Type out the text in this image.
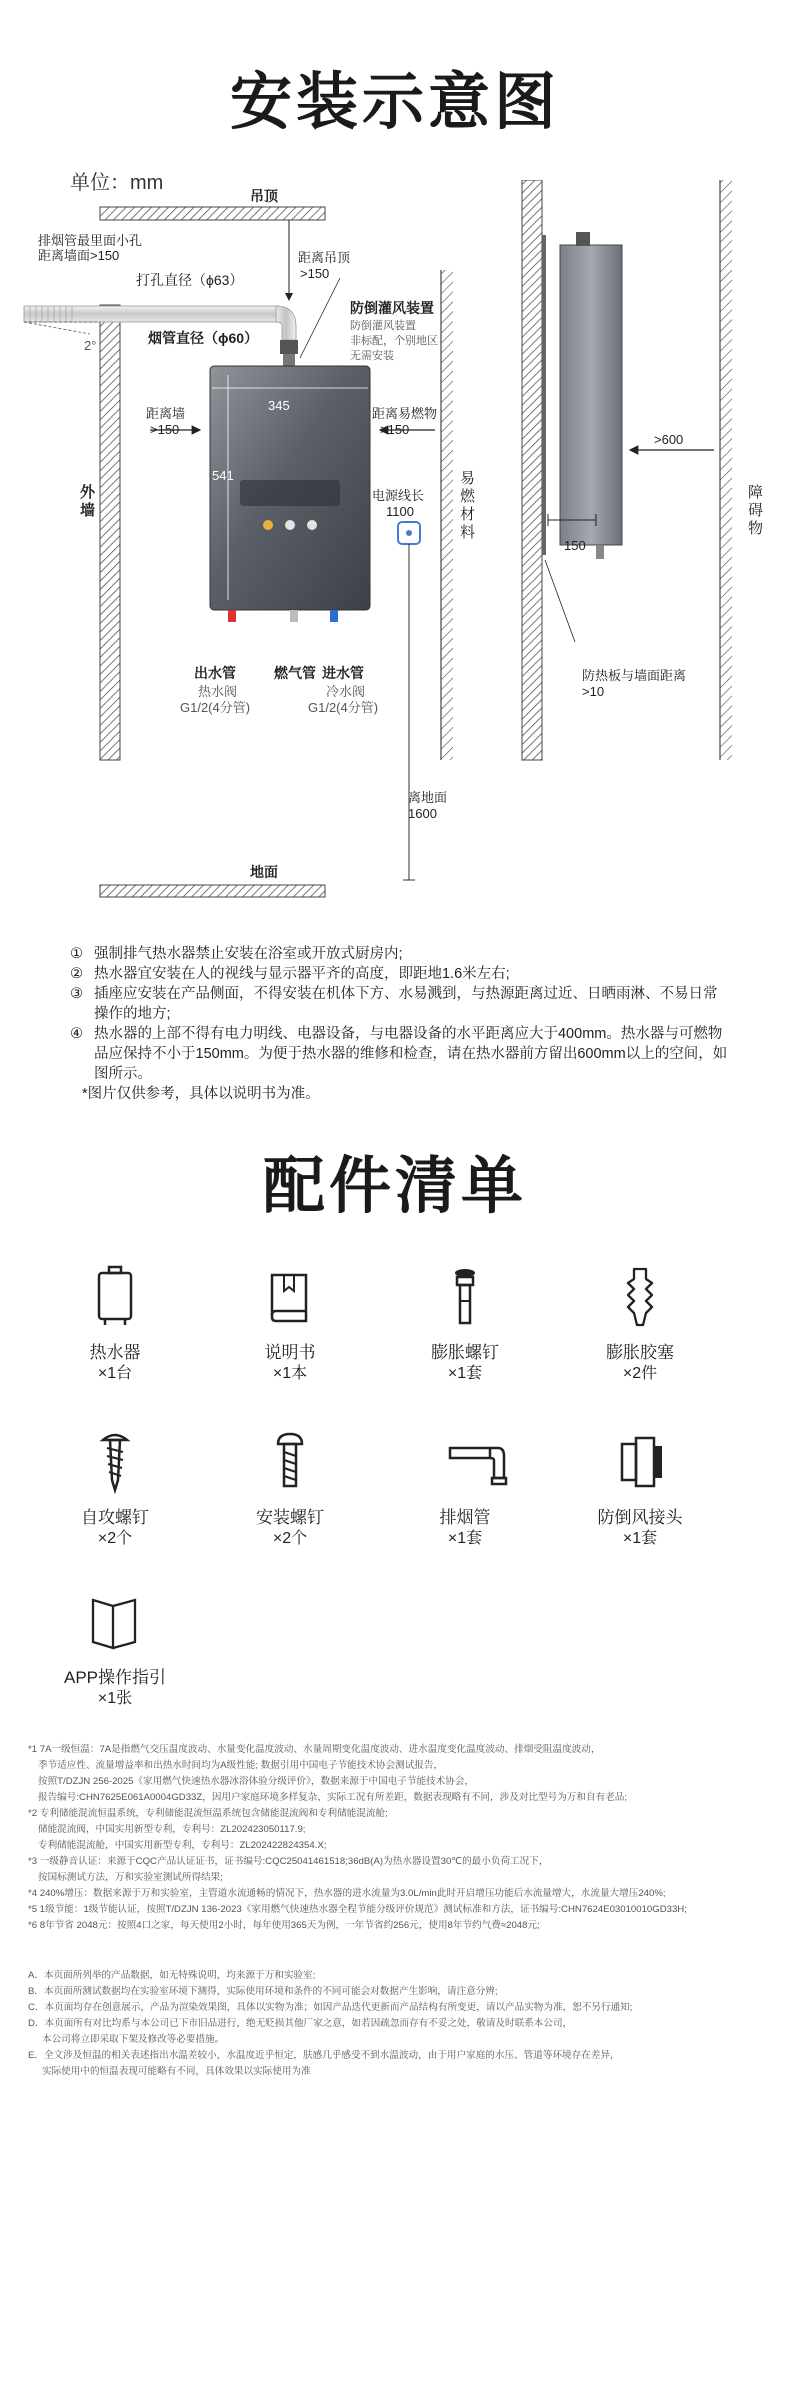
安装示意图
单位：mm
吊顶
地面
外墙
易燃材料
障碍物
排烟管最里面小孔
距离墙面>150
打孔直径（ϕ63）
烟管直径（ϕ60）
2°
距离吊顶
>150
防倒灌风装置
防倒灌风装置
非标配，个别地区
无需安装
345
541
距离墙
>150
距离易燃物
>150
电源线长
1100
出水管
热水阀
G1/2(4分管)
燃气管 进水管
冷水阀
G1/2(4分管)
离地面
1600
>600
150
防热板与墙面距离
>10
① 强制排气热水器禁止安装在浴室或开放式厨房内;
② 热水器宜安装在人的视线与显示器平齐的高度，即距地1.6米左右;
③ 插座应安装在产品侧面，不得安装在机体下方、水易溅到，与热源距离过近、日晒雨淋、不易日常操作的地方;
④ 热水器的上部不得有电力明线、电器设备，与电器设备的水平距离应大于400mm。热水器与可燃物品应保持不小于150mm。为便于热水器的维修和检查，请在热水器前方留出600mm以上的空间，如图所示。
*图片仅供参考，具体以说明书为准。
配件清单
热水器
×1台
说明书
×1本
膨胀螺钉
×1套
膨胀胶塞
×2件
自攻螺钉
×2个
安装螺钉
×2个
排烟管
×1套
防倒风接头
×1套
APP操作指引
×1张
*1 7A一级恒温：7A是指燃气交压温度波动、水量变化温度波动、水量周期变化温度波动、进水温度变化温度波动、排烟受阻温度波动，
季节适应性、流量增益率和出热水时间均为A级性能; 数据引用中国电子节能技术协会测试报告，
按照T/DZJN 256-2025《家用燃气快速热水器冰浴体验分级评价》，数据来源于中国电子节能技术协会，
报告编号:CHN7625E061A0004GD33Z，因用户家庭环境多样复杂，实际工况有所差距，数据表现略有不同，涉及对比型号为万和自有老品;
*2 专利储能混流恒温系统，专利储能混流恒温系统包含储能混流阀和专利储能混流舱;
储能混流阀，中国实用新型专利，专利号：ZL202423050117.9;
专利储能混流舱，中国实用新型专利，专利号：ZL202422824354.X;
*3 一级静音认证：来源于CQC产品认证证书，证书编号:CQC25041461518;36dB(A)为热水器设置30℃的最小负荷工况下，
按国标测试方法，万和实验室测试所得结果;
*4 240%增压：数据来源于万和实验室，主管道水流通畅的情况下，热水器的进水流量为3.0L/min此时开启增压功能后水流量增大，水流量大增压240%;
*5 1级节能：1级节能认证，按照T/DZJN 136-2023《家用燃气快速热水器全程节能分级评价规范》测试标准和方法，证书编号:CHN7624E03010010GD33H;
*6 8年节省 2048元：按照4口之家，每天使用2小时，每年使用365天为例，一年节省约256元，使用8年节约气费≈2048元;
A．本页面所列举的产品数据，如无特殊说明，均来源于万和实验室;
B．本页面所测试数据均在实验室环境下测得，实际使用环境和条件的不同可能会对数据产生影响，请注意分辨;
C．本页面均存在创意展示，产品为渲染效果图，具体以实物为准；如因产品迭代更新而产品结构有所变更，请以产品实物为准，恕不另行通知;
D．本页面所有对比均系与本公司已下市旧品进行，绝无贬损其他厂家之意，如若因疏忽而存有不妥之处，敬请及时联系本公司，
本公司将立即采取下架及修改等必要措施。
E．全文涉及恒温的相关表述指出水温差较小，水温度近乎恒定，肤感几乎感受不到水温波动，由于用户家庭的水压、管道等环境存在差异，
实际使用中的恒温表现可能略有不同，具体效果以实际使用为准
